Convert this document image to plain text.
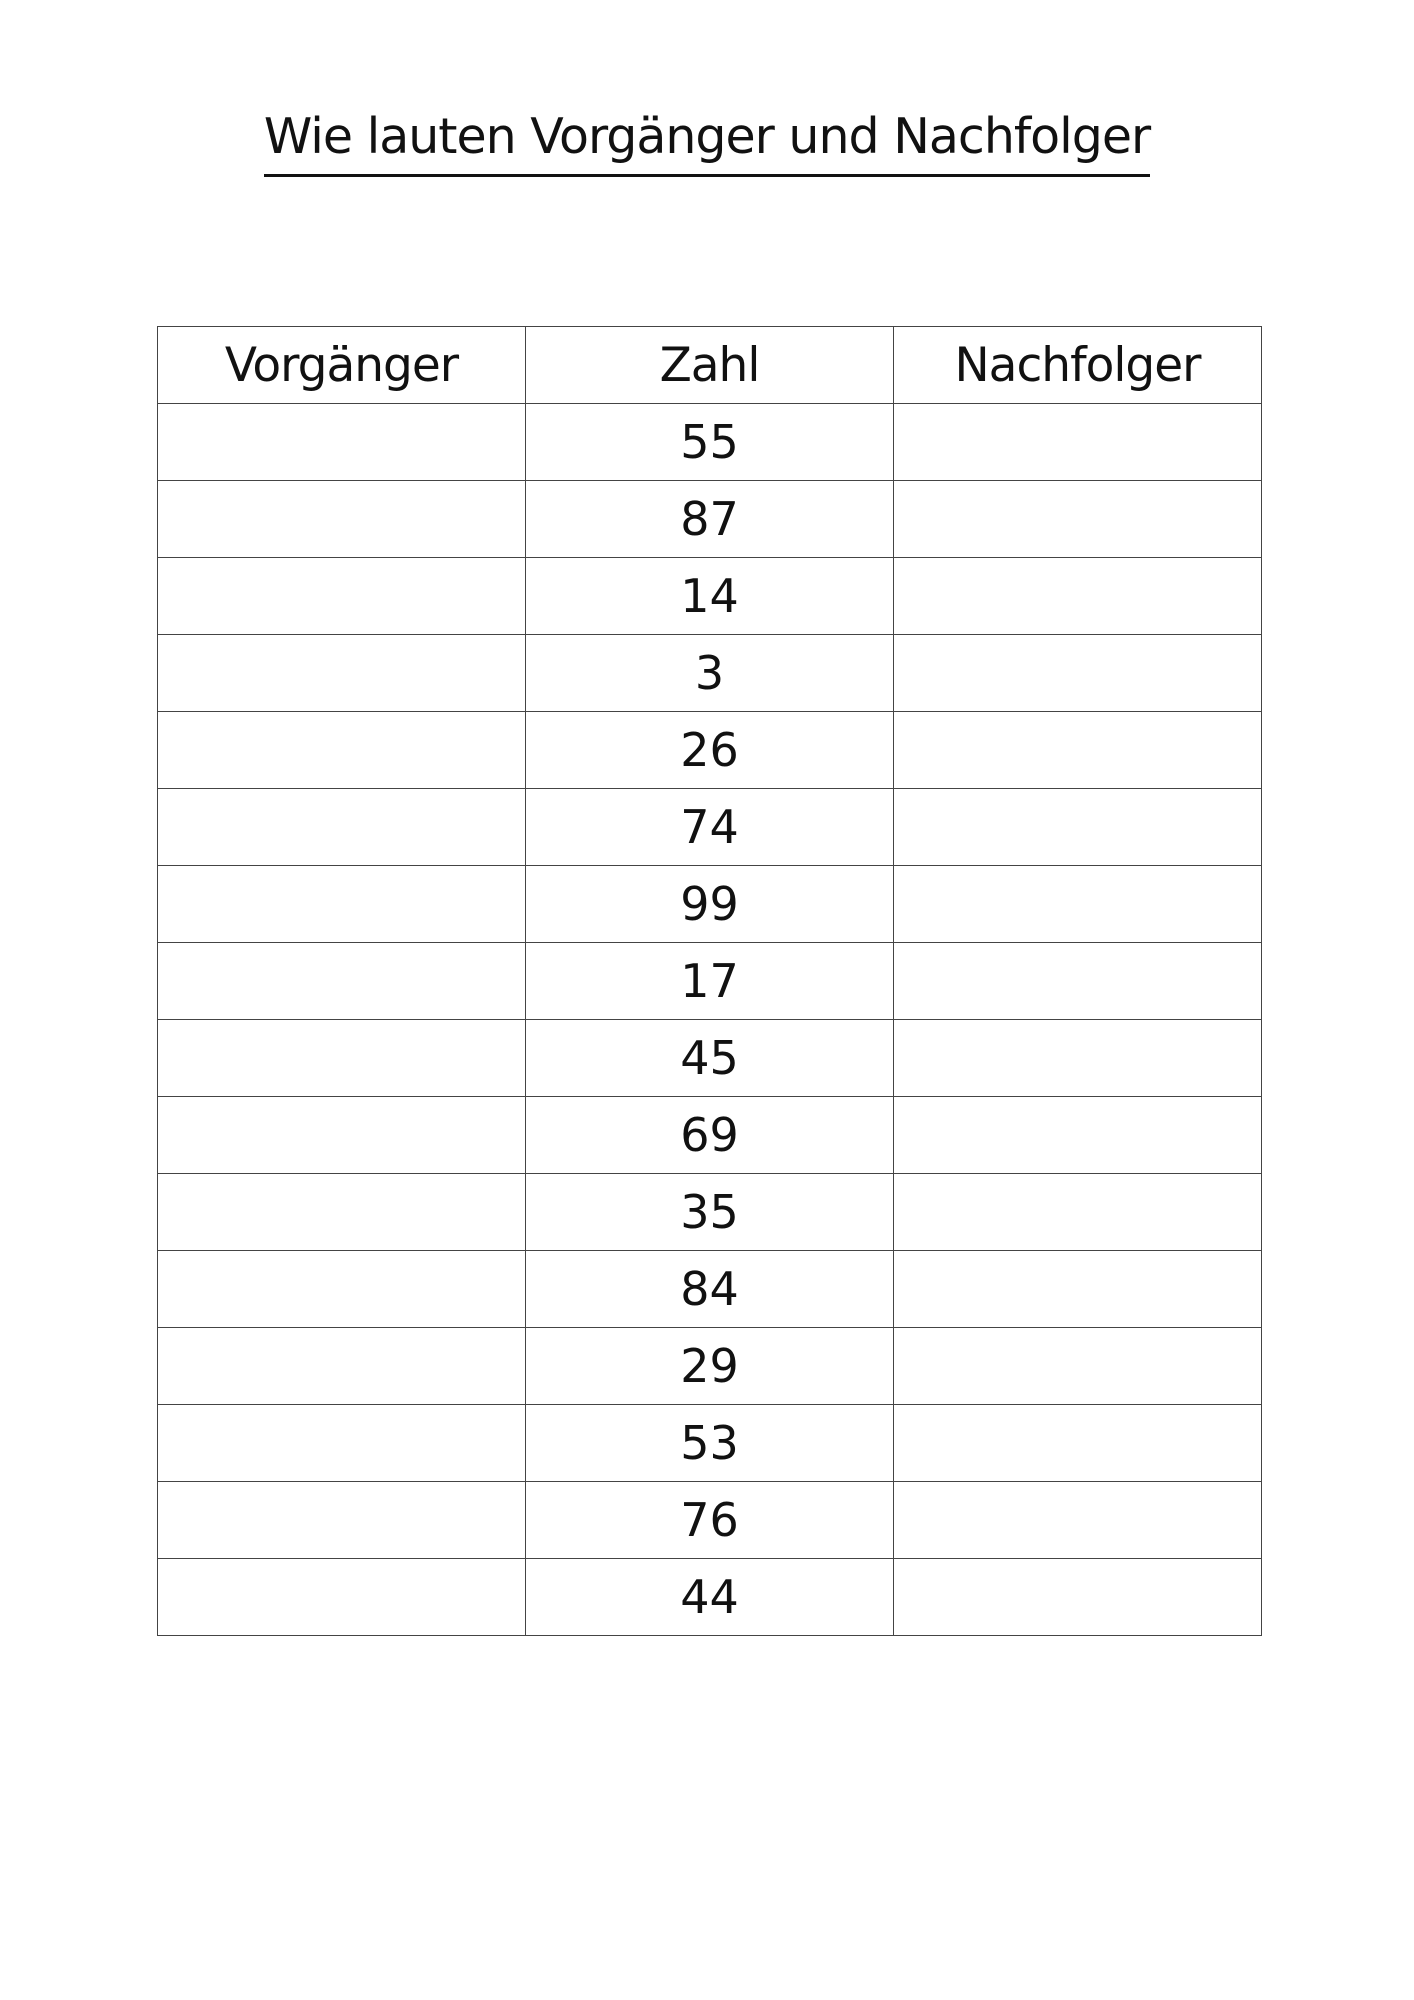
Wie lauten Vorgänger und Nachfolger
Vorgänger	Zahl	Nachfolger
	55	
	87	
	14	
	3	
	26	
	74	
	99	
	17	
	45	
	69	
	35	
	84	
	29	
	53	
	76	
	44	
